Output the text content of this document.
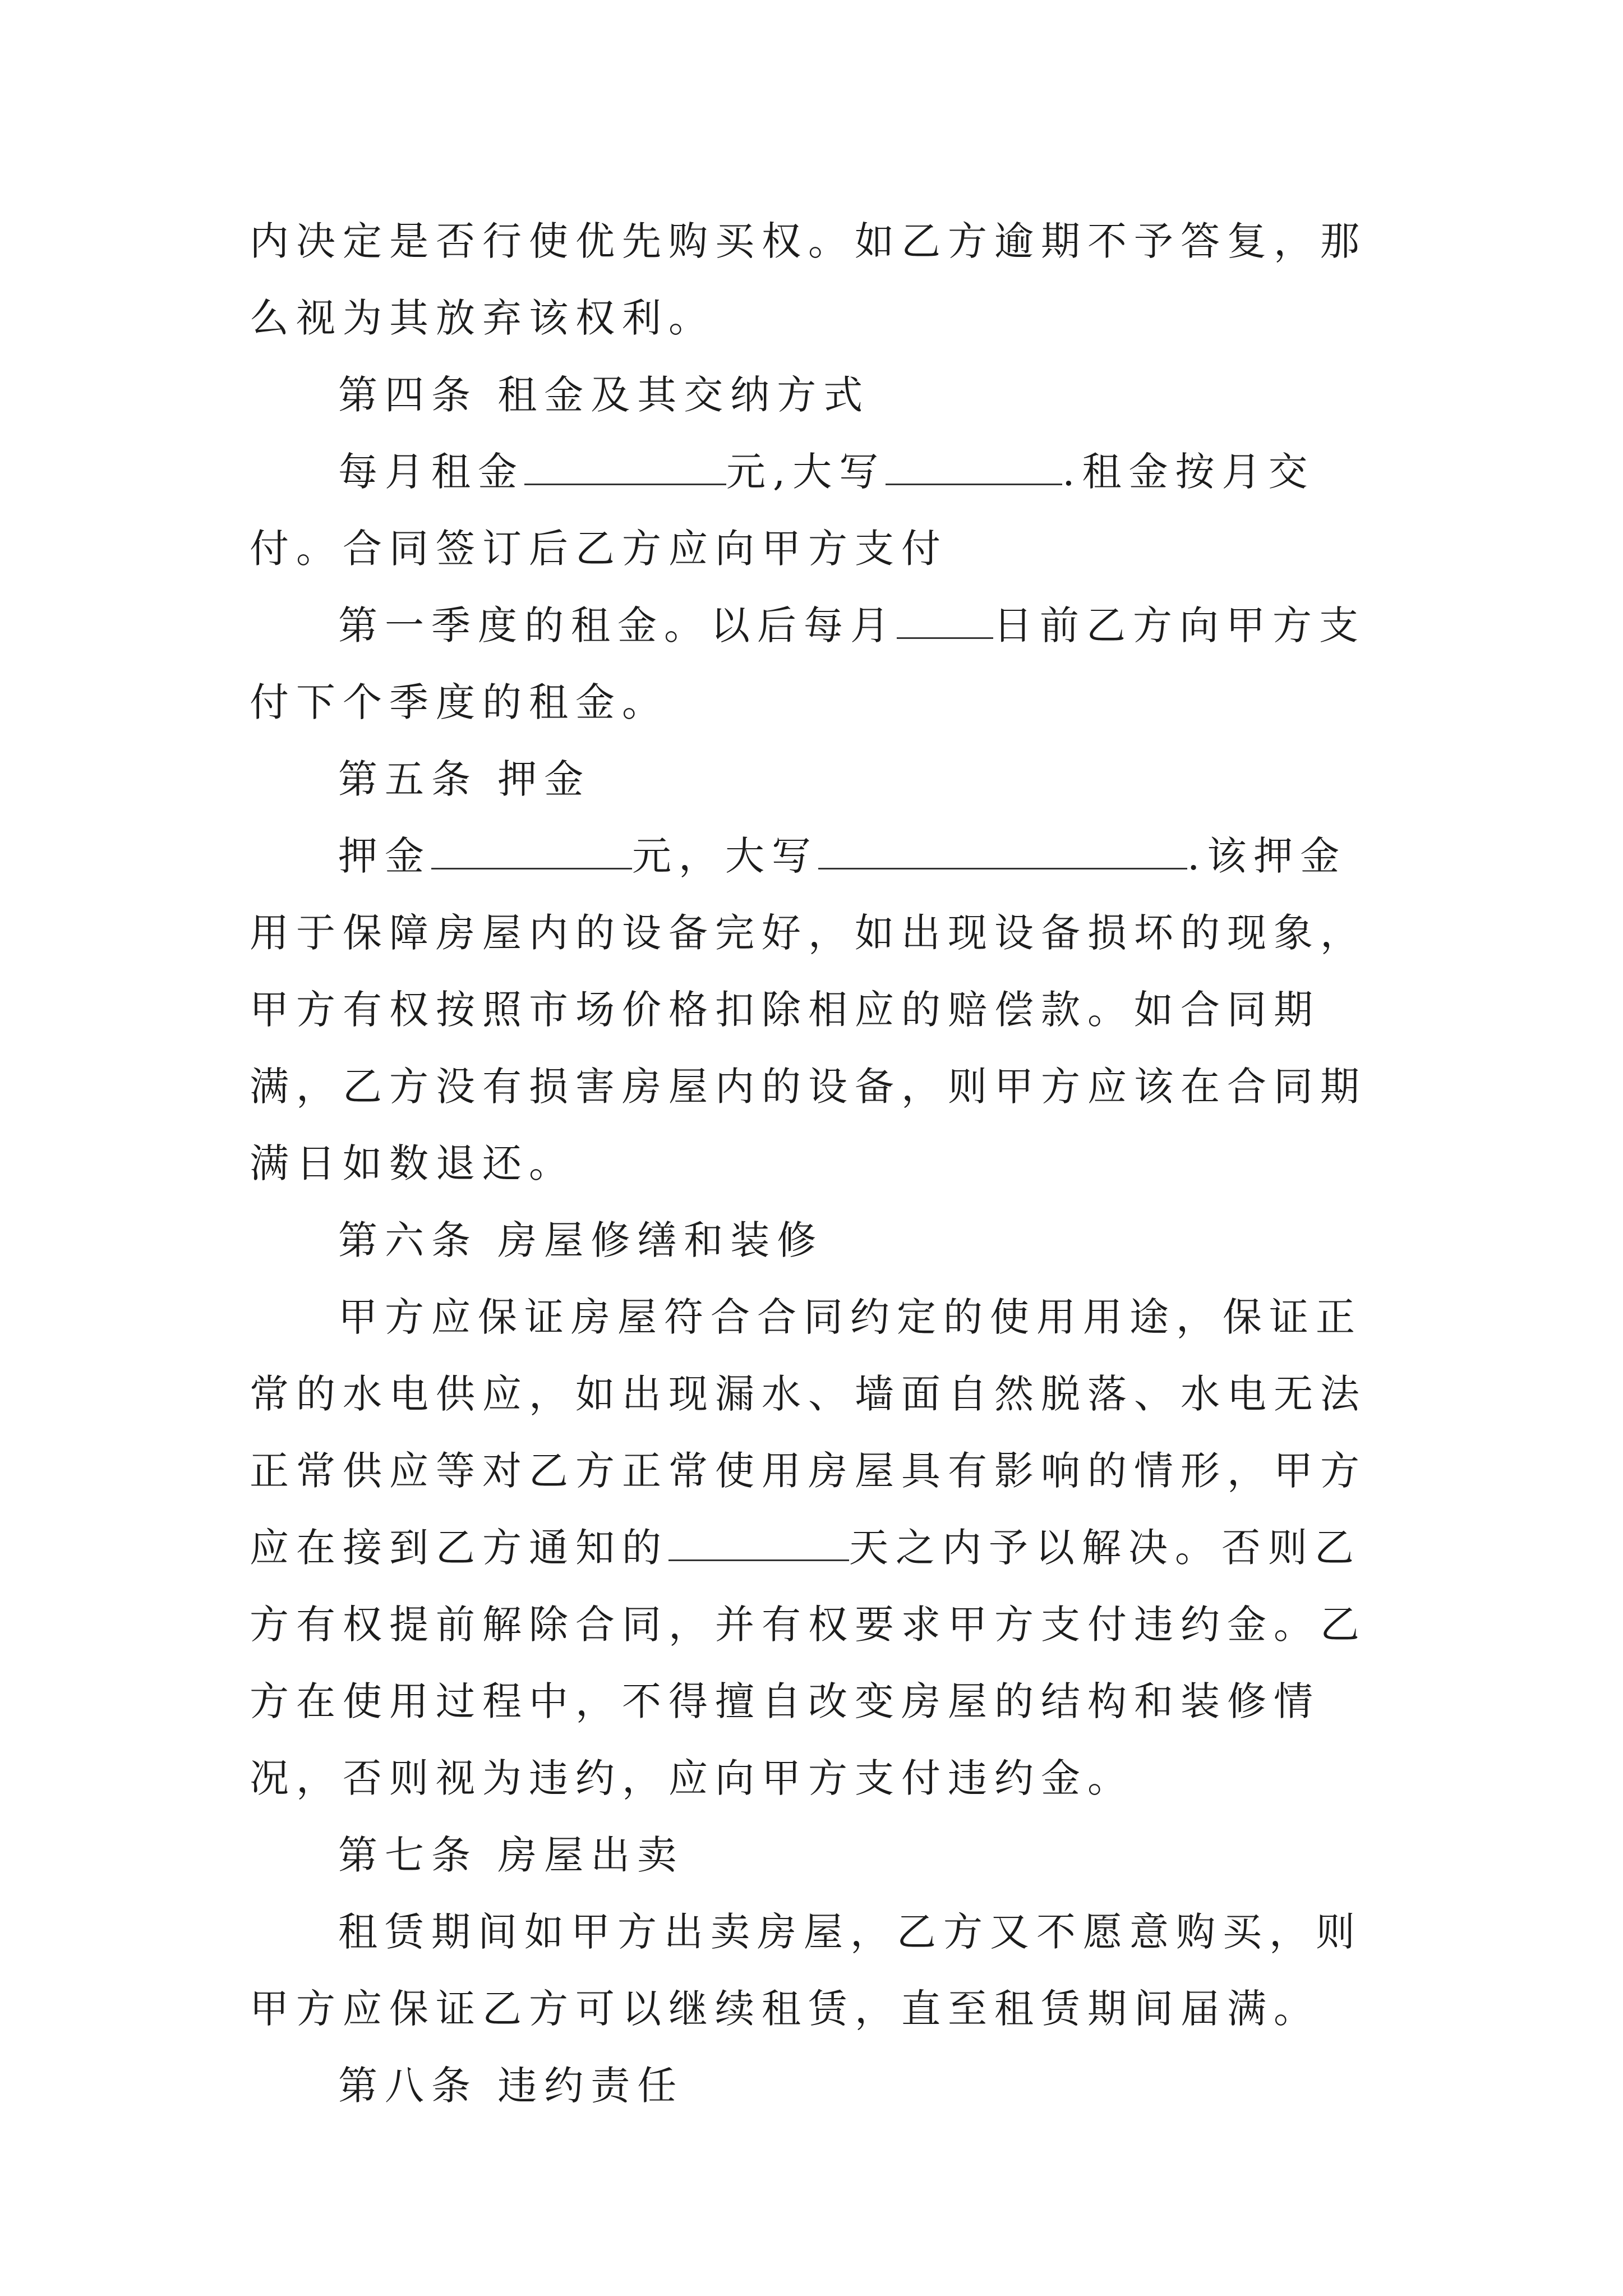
内决定是否行使优先购买权。如乙方逾期不予答复，那么视为其放弃该权利。

第四条 租金及其交纳方式

每月租金	元,大写	.租金按月交付。合同签订后乙方应向甲方支付

第一季度的租金。以后每月 日前乙方向甲方支付下个季度的租金。

第五条 押金

押金	元，大写	.该押金用于保障房屋内的设备完好，如出现设备损坏的现象，甲方有权按照市场价格扣除相应的赔偿款。如合同期满，乙方没有损害房屋内的设备，则甲方应该在合同期满日如数退还。

第六条 房屋修缮和装修

甲方应保证房屋符合合同约定的使用用途，保证正常的水电供应，如出现漏水、墙面自然脱落、水电无法正常供应等对乙方正常使用房屋具有影响的情形，甲方应在接到乙方通知的	天之内予以解决。否则乙方有权提前解除合同，并有权要求甲方支付违约金。乙方在使用过程中，不得擅自改变房屋的结构和装修情况，否则视为违约，应向甲方支付违约金。

第七条 房屋出卖

租赁期间如甲方出卖房屋，乙方又不愿意购买，则甲方应保证乙方可以继续租赁，直至租赁期间届满。

第八条 违约责任
